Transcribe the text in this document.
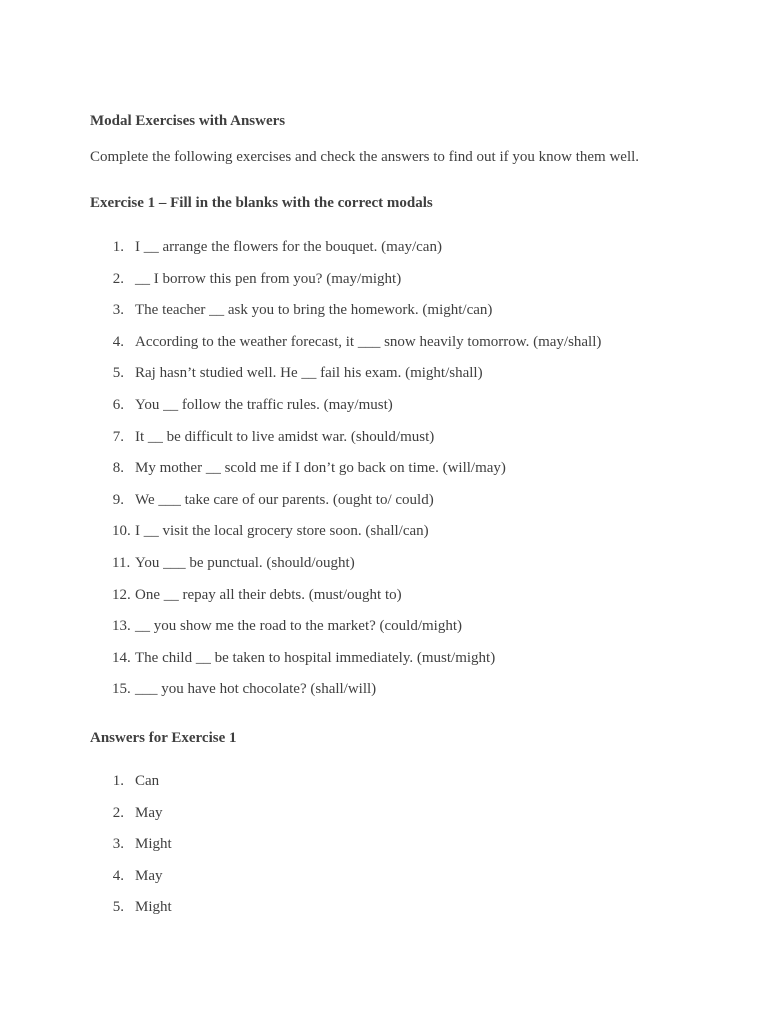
Modal Exercises with Answers

Complete the following exercises and check the answers to find out if you know them well.

Exercise 1 – Fill in the blanks with the correct modals

1. I __ arrange the flowers for the bouquet. (may/can)
2. __ I borrow this pen from you? (may/might)
3. The teacher __ ask you to bring the homework. (might/can)
4. According to the weather forecast, it ___ snow heavily tomorrow. (may/shall)
5. Raj hasn’t studied well. He __ fail his exam. (might/shall)
6. You __ follow the traffic rules. (may/must)
7. It __ be difficult to live amidst war. (should/must)
8. My mother __ scold me if I don’t go back on time. (will/may)
9. We ___ take care of our parents. (ought to/ could)
10. I __ visit the local grocery store soon. (shall/can)
11. You ___ be punctual. (should/ought)
12. One __ repay all their debts. (must/ought to)
13. __ you show me the road to the market? (could/might)
14. The child __ be taken to hospital immediately. (must/might)
15. ___ you have hot chocolate? (shall/will)

Answers for Exercise 1

1. Can
2. May
3. Might
4. May
5. Might
